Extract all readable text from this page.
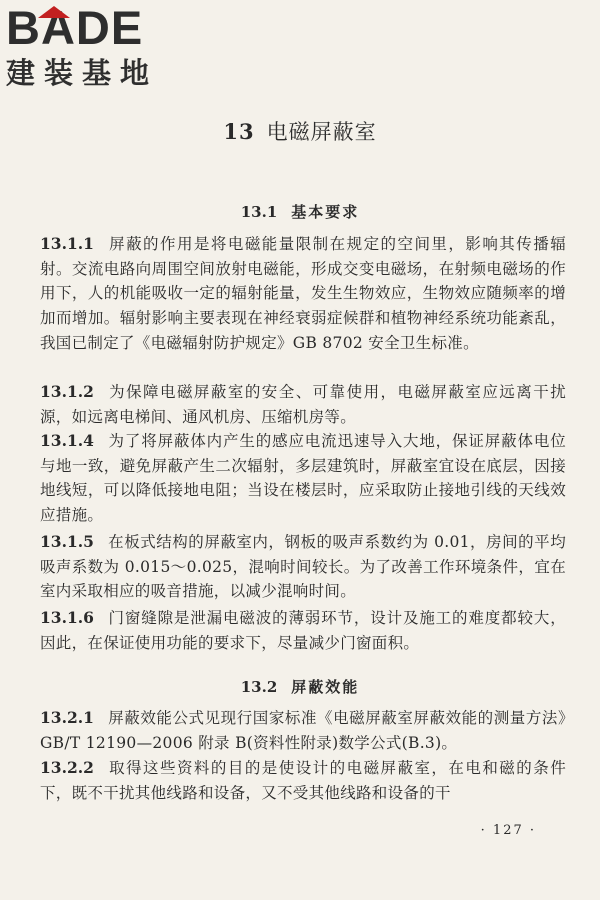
BADE
建装基地
13 电磁屏蔽室
13.1 基本要求
13.1.1 屏蔽的作用是将电磁能量限制在规定的空间里，影响其传播辐射。交流电路向周围空间放射电磁能，形成交变电磁场，在射频电磁场的作用下，人的机能吸收一定的辐射能量，发生生物效应，生物效应随频率的增加而增加。辐射影响主要表现在神经衰弱症候群和植物神经系统功能紊乱，我国已制定了《电磁辐射防护规定》GB 8702 安全卫生标准。
13.1.2 为保障电磁屏蔽室的安全、可靠使用，电磁屏蔽室应远离干扰源，如远离电梯间、通风机房、压缩机房等。
13.1.4 为了将屏蔽体内产生的感应电流迅速导入大地，保证屏蔽体电位与地一致，避免屏蔽产生二次辐射，多层建筑时，屏蔽室宜设在底层，因接地线短，可以降低接地电阻；当设在楼层时，应采取防止接地引线的天线效应措施。
13.1.5 在板式结构的屏蔽室内，钢板的吸声系数约为 0.01，房间的平均吸声系数为 0.015～0.025，混响时间较长。为了改善工作环境条件，宜在室内采取相应的吸音措施，以减少混响时间。
13.1.6 门窗缝隙是泄漏电磁波的薄弱环节，设计及施工的难度都较大，因此，在保证使用功能的要求下，尽量减少门窗面积。
13.2 屏蔽效能
13.2.1 屏蔽效能公式见现行国家标准《电磁屏蔽室屏蔽效能的测量方法》GB/T 12190—2006 附录 B(资料性附录)数学公式(B.3)。
13.2.2 取得这些资料的目的是使设计的电磁屏蔽室，在电和磁的条件下，既不干扰其他线路和设备，又不受其他线路和设备的干
· 127 ·
